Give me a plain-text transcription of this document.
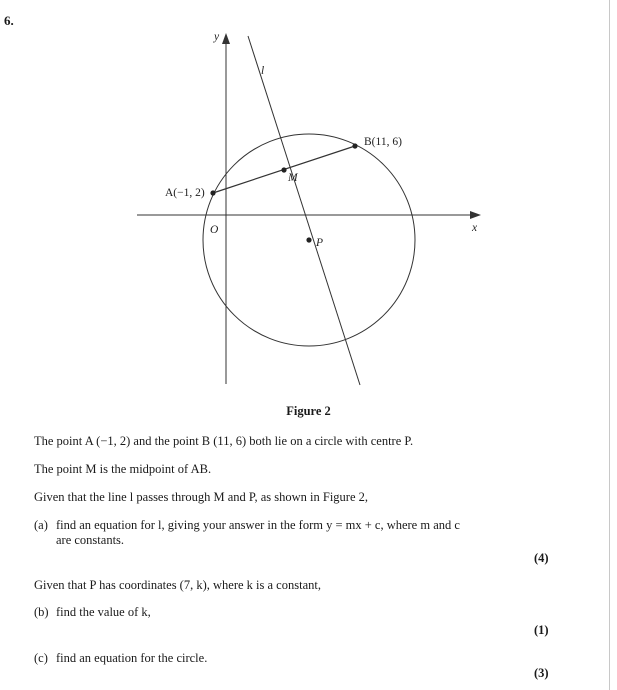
6.
y
x
O
l
A(−1, 2)
B(11, 6)
M
P
Figure 2
The point A (−1, 2) and the point B (11, 6) both lie on a circle with centre P.
The point M is the midpoint of AB.
Given that the line l passes through M and P, as shown in Figure 2,
(a) find an equation for l, giving your answer in the form y = mx + c, where m and c
are constants.
(4)
Given that P has coordinates (7, k), where k is a constant,
(b) find the value of k,
(1)
(c) find an equation for the circle.
(3)
